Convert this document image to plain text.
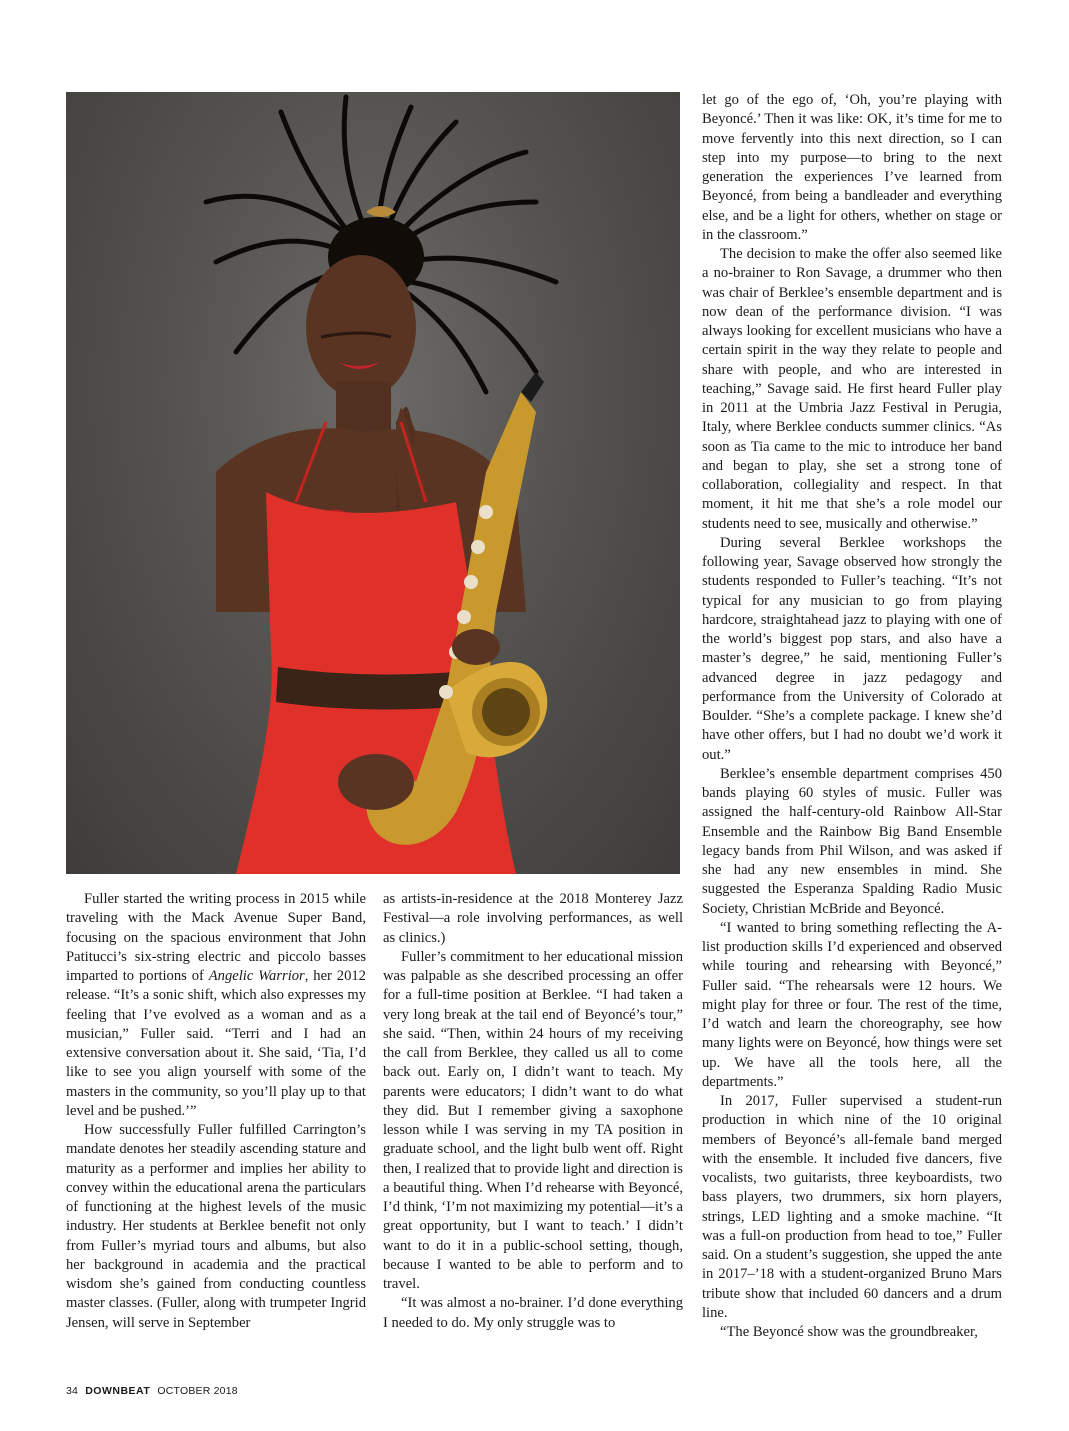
Fuller started the writing process in 2015 while traveling with the Mack Avenue Super Band, focusing on the spacious environment that John Patitucci’s six-string electric and piccolo basses imparted to portions of Angelic Warrior, her 2012 release. “It’s a sonic shift, which also expresses my feeling that I’ve evolved as a woman and as a musician,” Fuller said. “Terri and I had an extensive conversation about it. She said, ‘Tia, I’d like to see you align yourself with some of the masters in the community, so you’ll play up to that level and be pushed.’”

How successfully Fuller fulfilled Carrington’s mandate denotes her steadily ascending stature and maturity as a performer and implies her ability to convey within the educational arena the particulars of functioning at the highest levels of the music industry. Her students at Berklee benefit not only from Fuller’s myriad tours and albums, but also her background in academia and the practical wisdom she’s gained from conducting countless master classes. (Fuller, along with trumpeter Ingrid Jensen, will serve in September

as artists-in-residence at the 2018 Monterey Jazz Festival—a role involving performances, as well as clinics.)

Fuller’s commitment to her educational mission was palpable as she described processing an offer for a full-time position at Berklee. “I had taken a very long break at the tail end of Beyoncé’s tour,” she said. “Then, within 24 hours of my receiving the call from Berklee, they called us all to come back out. Early on, I didn’t want to teach. My parents were educators; I didn’t want to do what they did. But I remember giving a saxophone lesson while I was serving in my TA position in graduate school, and the light bulb went off. Right then, I realized that to provide light and direction is a beautiful thing. When I’d rehearse with Beyoncé, I’d think, ‘I’m not maximizing my potential—it’s a great opportunity, but I want to teach.’ I didn’t want to do it in a public-school setting, though, because I wanted to be able to perform and to travel.

“It was almost a no-brainer. I’d done everything I needed to do. My only struggle was to

let go of the ego of, ‘Oh, you’re playing with Beyoncé.’ Then it was like: OK, it’s time for me to move fervently into this next direction, so I can step into my purpose—to bring to the next generation the experiences I’ve learned from Beyoncé, from being a bandleader and everything else, and be a light for others, whether on stage or in the classroom.”

The decision to make the offer also seemed like a no-brainer to Ron Savage, a drummer who then was chair of Berklee’s ensemble department and is now dean of the performance division. “I was always looking for excellent musicians who have a certain spirit in the way they relate to people and share with people, and who are interested in teaching,” Savage said. He first heard Fuller play in 2011 at the Umbria Jazz Festival in Perugia, Italy, where Berklee conducts summer clinics. “As soon as Tia came to the mic to introduce her band and began to play, she set a strong tone of collaboration, collegiality and respect. In that moment, it hit me that she’s a role model our students need to see, musically and otherwise.”

During several Berklee workshops the following year, Savage observed how strongly the students responded to Fuller’s teaching. “It’s not typical for any musician to go from playing hardcore, straightahead jazz to playing with one of the world’s biggest pop stars, and also have a master’s degree,” he said, mentioning Fuller’s advanced degree in jazz pedagogy and performance from the University of Colorado at Boulder. “She’s a complete package. I knew she’d have other offers, but I had no doubt we’d work it out.”

Berklee’s ensemble department comprises 450 bands playing 60 styles of music. Fuller was assigned the half-century-old Rainbow All-Star Ensemble and the Rainbow Big Band Ensemble legacy bands from Phil Wilson, and was asked if she had any new ensembles in mind. She suggested the Esperanza Spalding Radio Music Society, Christian McBride and Beyoncé.

“I wanted to bring something reflecting the A-list production skills I’d experienced and observed while touring and rehearsing with Beyoncé,” Fuller said. “The rehearsals were 12 hours. We might play for three or four. The rest of the time, I’d watch and learn the choreography, see how many lights were on Beyoncé, how things were set up. We have all the tools here, all the departments.”

In 2017, Fuller supervised a student-run production in which nine of the 10 original members of Beyoncé’s all-female band merged with the ensemble. It included five dancers, five vocalists, two guitarists, three keyboardists, two bass players, two drummers, six horn players, strings, LED lighting and a smoke machine. “It was a full-on production from head to toe,” Fuller said. On a student’s suggestion, she upped the ante in 2017–’18 with a student-organized Bruno Mars tribute show that included 60 dancers and a drum line.

“The Beyoncé show was the groundbreaker,

34 DOWNBEAT OCTOBER 2018
